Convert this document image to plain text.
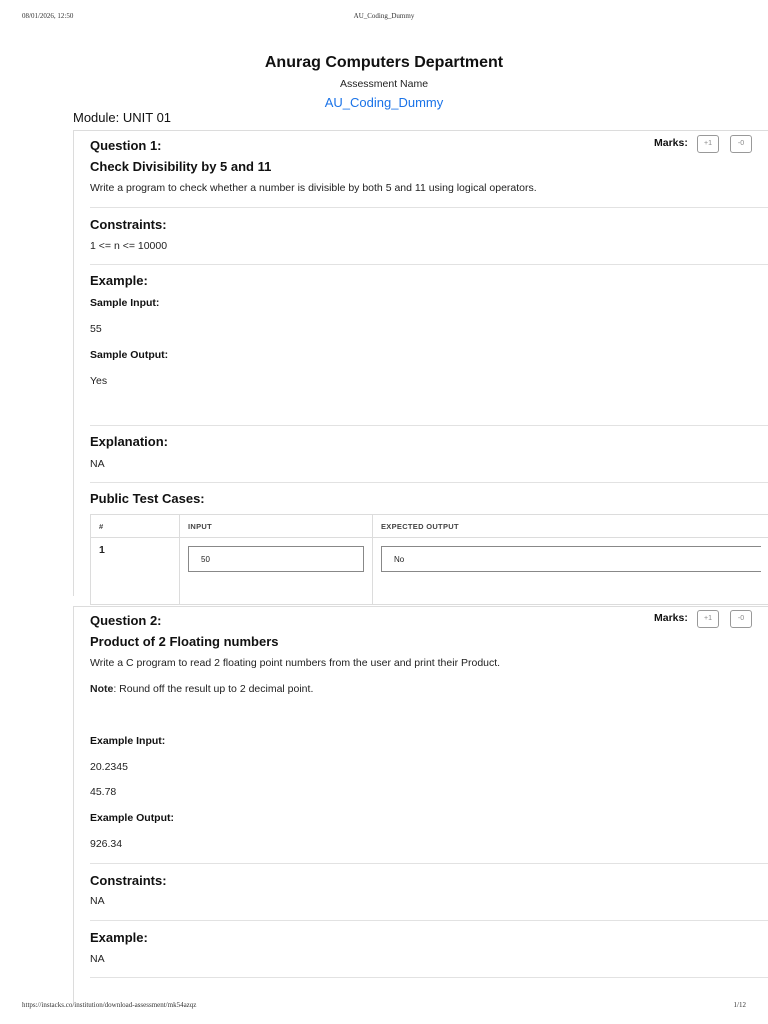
08/01/2026, 12:50	AU_Coding_Dummy
Anurag Computers Department
Assessment Name
AU_Coding_Dummy
Module: UNIT 01
Question 1:
Check Divisibility by 5 and 11
Marks:	+1	-0
Write a program to check whether a number is divisible by both 5 and 11 using logical operators.
Constraints:
1 <= n <= 10000
Example:
Sample Input:
55
Sample Output:
Yes
Explanation:
NA
Public Test Cases:
#	INPUT	EXPECTED OUTPUT
1	50	No
Question 2:
Product of 2 Floating numbers
Marks:	+1	-0
Write a C program to read 2 floating point numbers from the user and print their Product.
Note: Round off the result up to 2 decimal point.
Example Input:
20.2345
45.78
Example Output:
926.34
Constraints:
NA
Example:
NA
https://instacks.co/institution/download-assessment/mk54azqz	1/12
